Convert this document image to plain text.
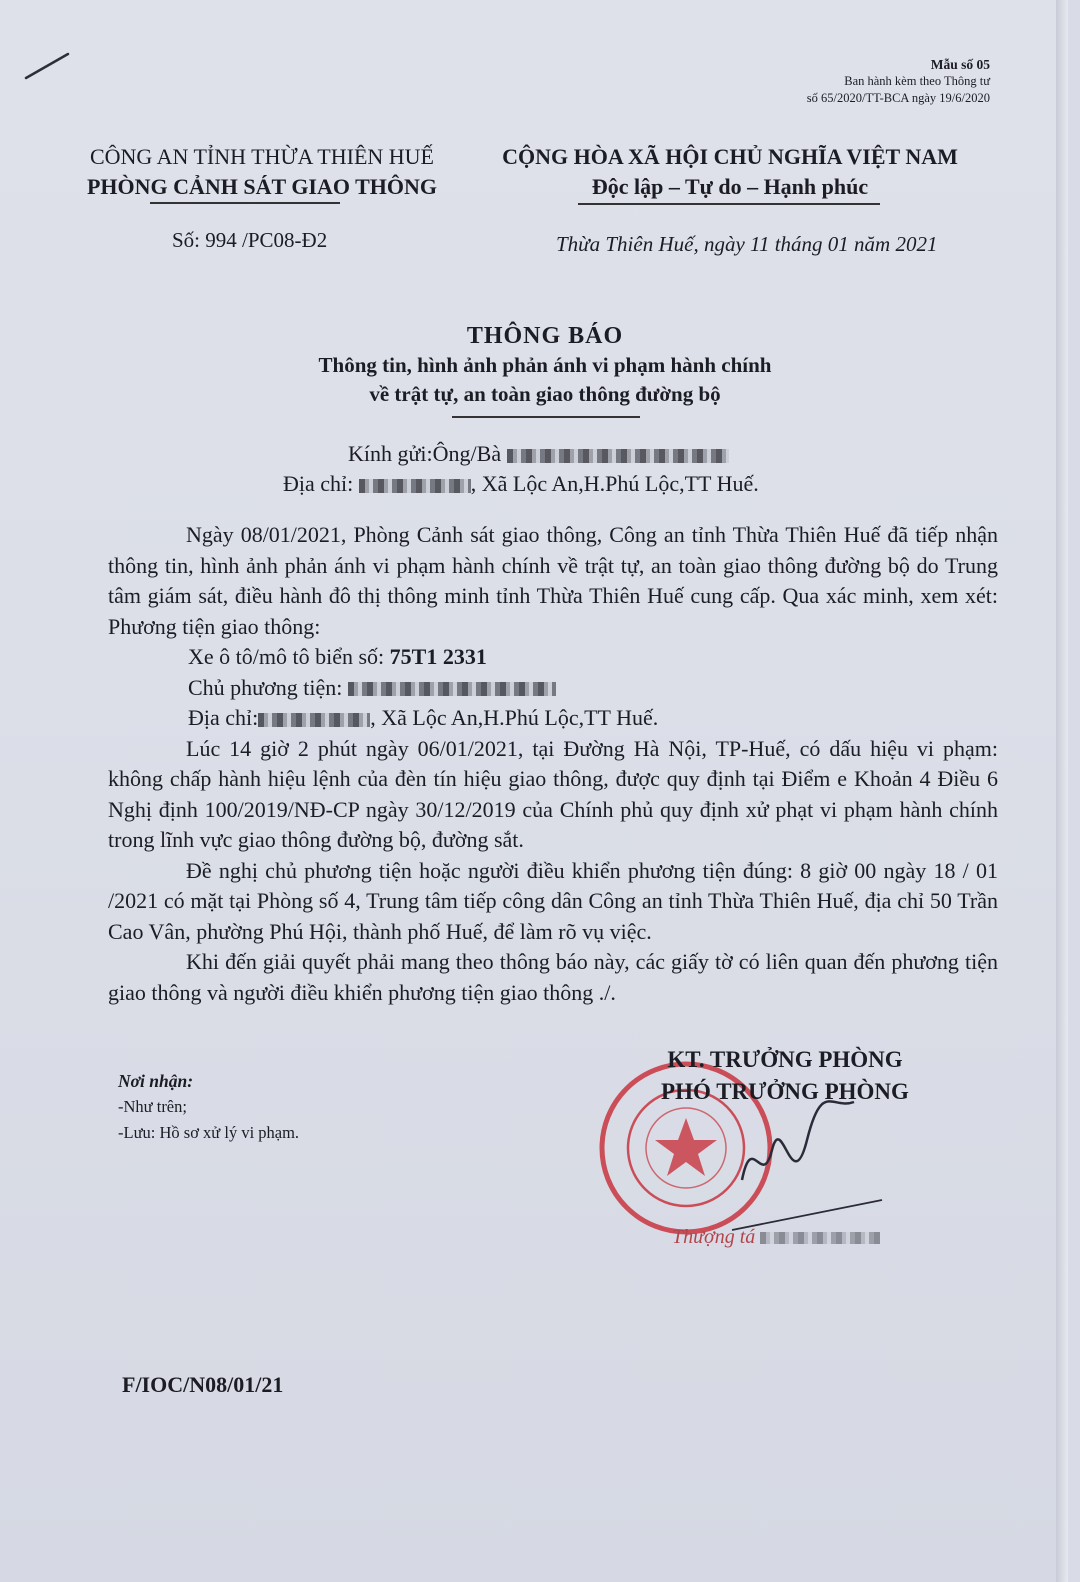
Mẫu số 05
Ban hành kèm theo Thông tư
số 65/2020/TT-BCA ngày 19/6/2020
CÔNG AN TỈNH THỪA THIÊN HUẾ
PHÒNG CẢNH SÁT GIAO THÔNG
CỘNG HÒA XÃ HỘI CHỦ NGHĨA VIỆT NAM
Độc lập – Tự do – Hạnh phúc
Số: 994 /PC08-Đ2	Thừa Thiên Huế, ngày 11 tháng 01 năm 2021
THÔNG BÁO
Thông tin, hình ảnh phản ánh vi phạm hành chính
về trật tự, an toàn giao thông đường bộ
Kính gửi:Ông/Bà
Địa chỉ:	, Xã Lộc An,H.Phú Lộc,TT Huế.

Ngày 08/01/2021, Phòng Cảnh sát giao thông, Công an tỉnh Thừa Thiên Huế đã tiếp nhận thông tin, hình ảnh phản ánh vi phạm hành chính về trật tự, an toàn giao thông đường bộ do Trung tâm giám sát, điều hành đô thị thông minh tỉnh Thừa Thiên Huế cung cấp. Qua xác minh, xem xét: Phương tiện giao thông:

Xe ô tô/mô tô biển số: 75T1 2331

Chủ phương tiện:

Địa chỉ:	, Xã Lộc An,H.Phú Lộc,TT Huế.

Lúc 14 giờ 2 phút ngày 06/01/2021, tại Đường Hà Nội, TP-Huế, có dấu hiệu vi phạm: không chấp hành hiệu lệnh của đèn tín hiệu giao thông, được quy định tại Điểm e Khoản 4 Điều 6 Nghị định 100/2019/NĐ-CP ngày 30/12/2019 của Chính phủ quy định xử phạt vi phạm hành chính trong lĩnh vực giao thông đường bộ, đường sắt.

Đề nghị chủ phương tiện hoặc người điều khiển phương tiện đúng: 8 giờ 00 ngày 18 / 01 /2021 có mặt tại Phòng số 4, Trung tâm tiếp công dân Công an tỉnh Thừa Thiên Huế, địa chỉ 50 Trần Cao Vân, phường Phú Hội, thành phố Huế, để làm rõ vụ việc.

Khi đến giải quyết phải mang theo thông báo này, các giấy tờ có liên quan đến phương tiện giao thông và người điều khiển phương tiện giao thông ./.

Nơi nhận:
-Như trên;
-Lưu: Hồ sơ xử lý vi phạm.
KT. TRƯỞNG PHÒNG
PHÓ TRƯỞNG PHÒNG
Thượng tá
F/IOC/N08/01/21
